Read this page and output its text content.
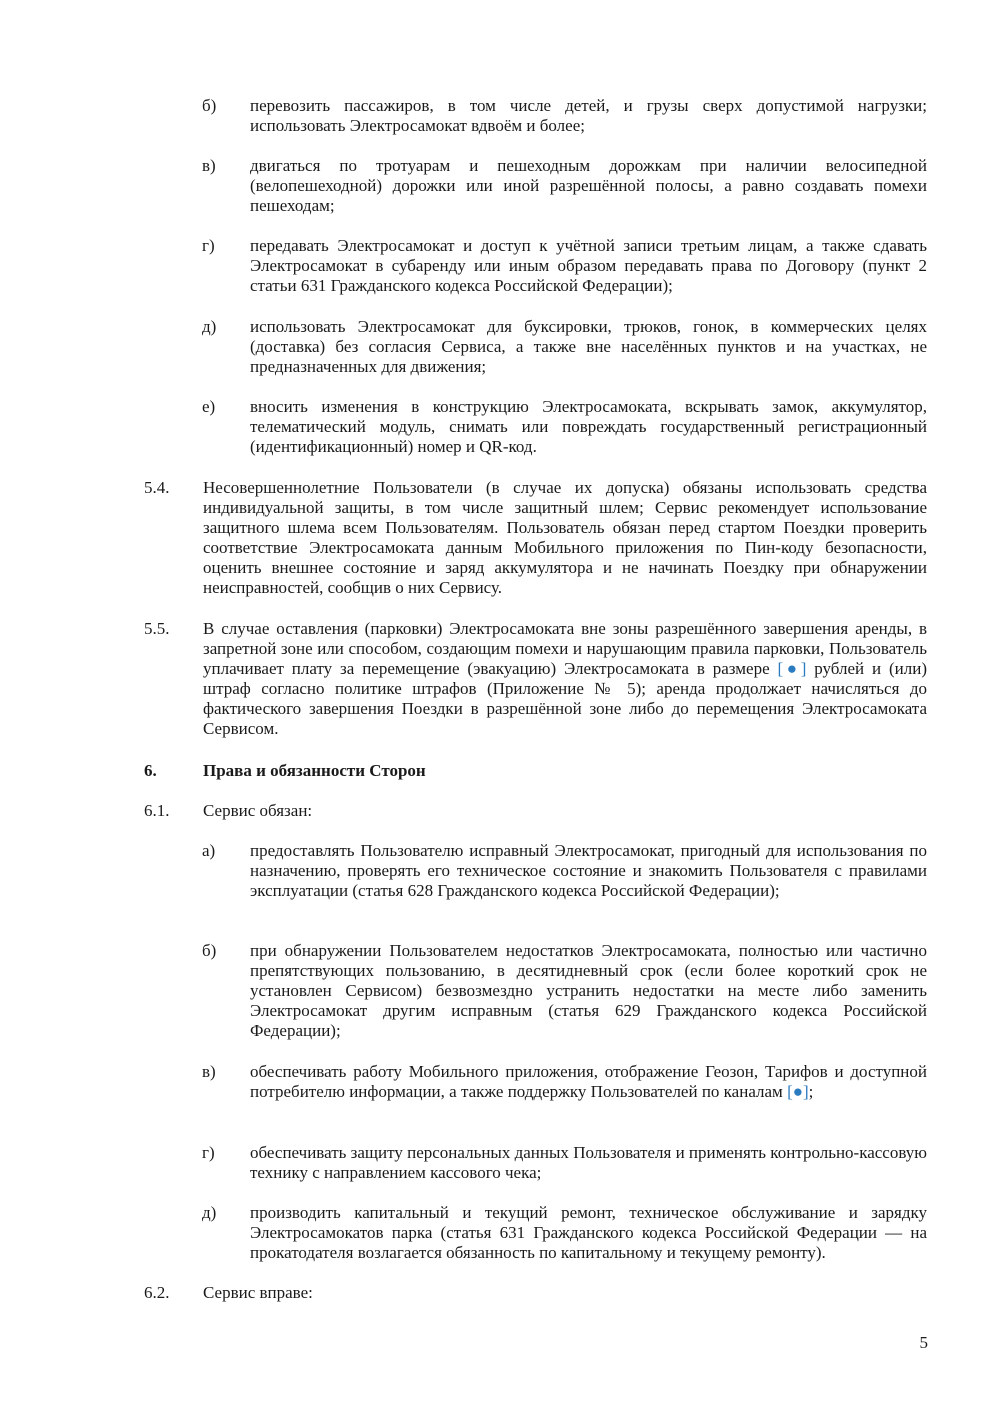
б) перевозить пассажиров, в том числе детей, и грузы сверх допустимой нагрузки; использовать Электросамокат вдвоём и более;
в) двигаться по тротуарам и пешеходным дорожкам при наличии велосипедной (велопешеходной) дорожки или иной разрешённой полосы, а равно создавать помехи пешеходам;
г) передавать Электросамокат и доступ к учётной записи третьим лицам, а также сдавать Электросамокат в субаренду или иным образом передавать права по Договору (пункт 2 статьи 631 Гражданского кодекса Российской Федерации);
д) использовать Электросамокат для буксировки, трюков, гонок, в коммерческих целях (доставка) без согласия Сервиса, а также вне населённых пунктов и на участках, не предназначенных для движения;
е) вносить изменения в конструкцию Электросамоката, вскрывать замок, аккумулятор, телематический модуль, снимать или повреждать государственный регистрационный (идентификационный) номер и QR-код.
5.4. Несовершеннолетние Пользователи (в случае их допуска) обязаны использовать средства индивидуальной защиты, в том числе защитный шлем; Сервис рекомендует использование защитного шлема всем Пользователям. Пользователь обязан перед стартом Поездки проверить соответствие Электросамоката данным Мобильного приложения по Пин-коду безопасности, оценить внешнее состояние и заряд аккумулятора и не начинать Поездку при обнаружении неисправностей, сообщив о них Сервису.
5.5. В случае оставления (парковки) Электросамоката вне зоны разрешённого завершения аренды, в запретной зоне или способом, создающим помехи и нарушающим правила парковки, Пользователь уплачивает плату за перемещение (эвакуацию) Электросамоката в размере [●] рублей и (или) штраф согласно политике штрафов (Приложение № 5); аренда продолжает начисляться до фактического завершения Поездки в разрешённой зоне либо до перемещения Электросамоката Сервисом.
6.	Права и обязанности Сторон
6.1. Сервис обязан:
а) предоставлять Пользователю исправный Электросамокат, пригодный для использования по назначению, проверять его техническое состояние и знакомить Пользователя с правилами эксплуатации (статья 628 Гражданского кодекса Российской Федерации);
б) при обнаружении Пользователем недостатков Электросамоката, полностью или частично препятствующих пользованию, в десятидневный срок (если более короткий срок не установлен Сервисом) безвозмездно устранить недостатки на месте либо заменить Электросамокат другим исправным (статья 629 Гражданского кодекса Российской Федерации);
в) обеспечивать работу Мобильного приложения, отображение Геозон, Тарифов и доступной потребителю информации, а также поддержку Пользователей по каналам [●];
г) обеспечивать защиту персональных данных Пользователя и применять контрольно-кассовую технику с направлением кассового чека;
д) производить капитальный и текущий ремонт, техническое обслуживание и зарядку Электросамокатов парка (статья 631 Гражданского кодекса Российской Федерации — на прокатодателя возлагается обязанность по капитальному и текущему ремонту).
6.2. Сервис вправе:
5
